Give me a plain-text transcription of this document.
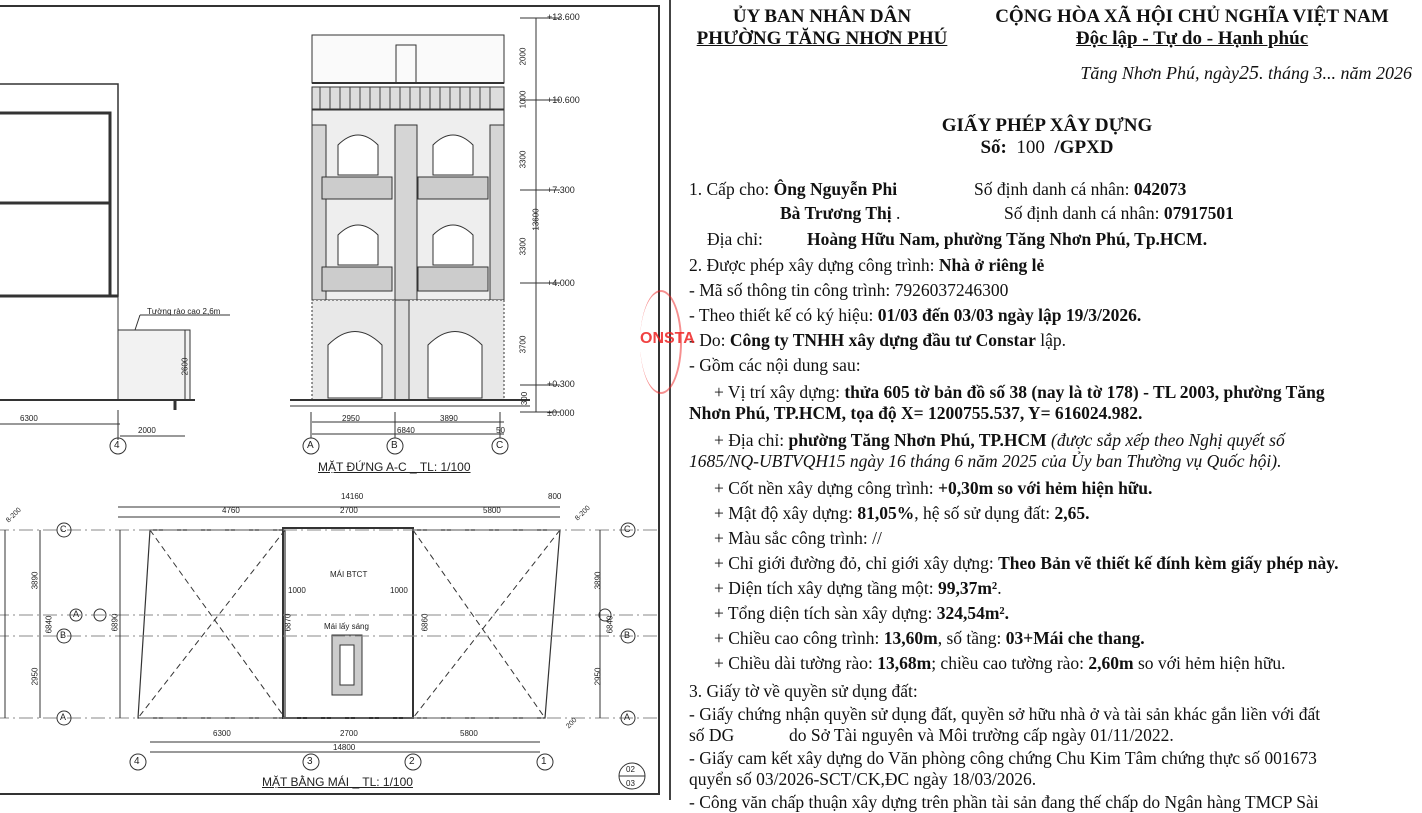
+13.600
+10.600
+7.300
+4.000
+0.300
±0.000
2000
1000
3300
13600
3300
3700
300
2950	3890
6840	50
A	B	C
MẶT ĐỨNG A-C _ TL: 1/100
Tường rào cao 2,6m
6300
2000
2600
4
14160	800
4760	2700	5800
6300	2700	5800
14800
3890
6840
2950
6890
1000
6870
3890
6840
2950
6860
1000
MÁI BTCT
Mái lấy sáng
4	3	2	1
C
A
B
A
C
B
A
8-200
8-200
200
MẶT BẰNG MÁI _ TL: 1/100
02
03
ỦY BAN NHÂN DÂN
PHƯỜNG TĂNG NHƠN PHÚ
CỘNG HÒA XÃ HỘI CHỦ NGHĨA VIỆT NAM
Độc lập - Tự do - Hạnh phúc
Tăng Nhơn Phú, ngày25. tháng 3... năm 2026
GIẤY PHÉP XÂY DỰNG
Số: 100 /GPXD
1. Cấp cho: Ông Nguyễn Phi	Số định danh cá nhân: 042073
Bà Trương Thị .	Số định danh cá nhân: 07917501
Địa chỉ:	Hoàng Hữu Nam, phường Tăng Nhơn Phú, Tp.HCM.
2. Được phép xây dựng công trình: Nhà ở riêng lẻ
- Mã số thông tin công trình: 7926037246300
- Theo thiết kế có ký hiệu: 01/03 đến 03/03 ngày lập 19/3/2026.
- Do: Công ty TNHH xây dựng đầu tư Constar lập.
- Gồm các nội dung sau:
+ Vị trí xây dựng: thửa 605 tờ bản đồ số 38 (nay là tờ 178) - TL 2003, phường Tăng
Nhơn Phú, TP.HCM, tọa độ X= 1200755.537, Y= 616024.982.
+ Địa chỉ: phường Tăng Nhơn Phú, TP.HCM (được sắp xếp theo Nghị quyết số
1685/NQ-UBTVQH15 ngày 16 tháng 6 năm 2025 của Ủy ban Thường vụ Quốc hội).
+ Cốt nền xây dựng công trình: +0,30m so với hẻm hiện hữu.
+ Mật độ xây dựng: 81,05%, hệ số sử dụng đất: 2,65.
+ Màu sắc công trình: //
+ Chỉ giới đường đỏ, chỉ giới xây dựng: Theo Bản vẽ thiết kế đính kèm giấy phép này.
+ Diện tích xây dựng tầng một: 99,37m².
+ Tổng diện tích sàn xây dựng: 324,54m².
+ Chiều cao công trình: 13,60m, số tầng: 03+Mái che thang.
+ Chiều dài tường rào: 13,68m; chiều cao tường rào: 2,60m so với hẻm hiện hữu.
3. Giấy tờ về quyền sử dụng đất:
- Giấy chứng nhận quyền sử dụng đất, quyền sở hữu nhà ở và tài sản khác gắn liền với đất
số DG	do Sở Tài nguyên và Môi trường cấp ngày 01/11/2022.
- Giấy cam kết xây dựng do Văn phòng công chứng Chu Kim Tâm chứng thực số 001673
quyển số 03/2026-SCT/CK,ĐC ngày 18/03/2026.
- Công văn chấp thuận xây dựng trên phần tài sản đang thế chấp do Ngân hàng TMCP Sài
ONSTA
